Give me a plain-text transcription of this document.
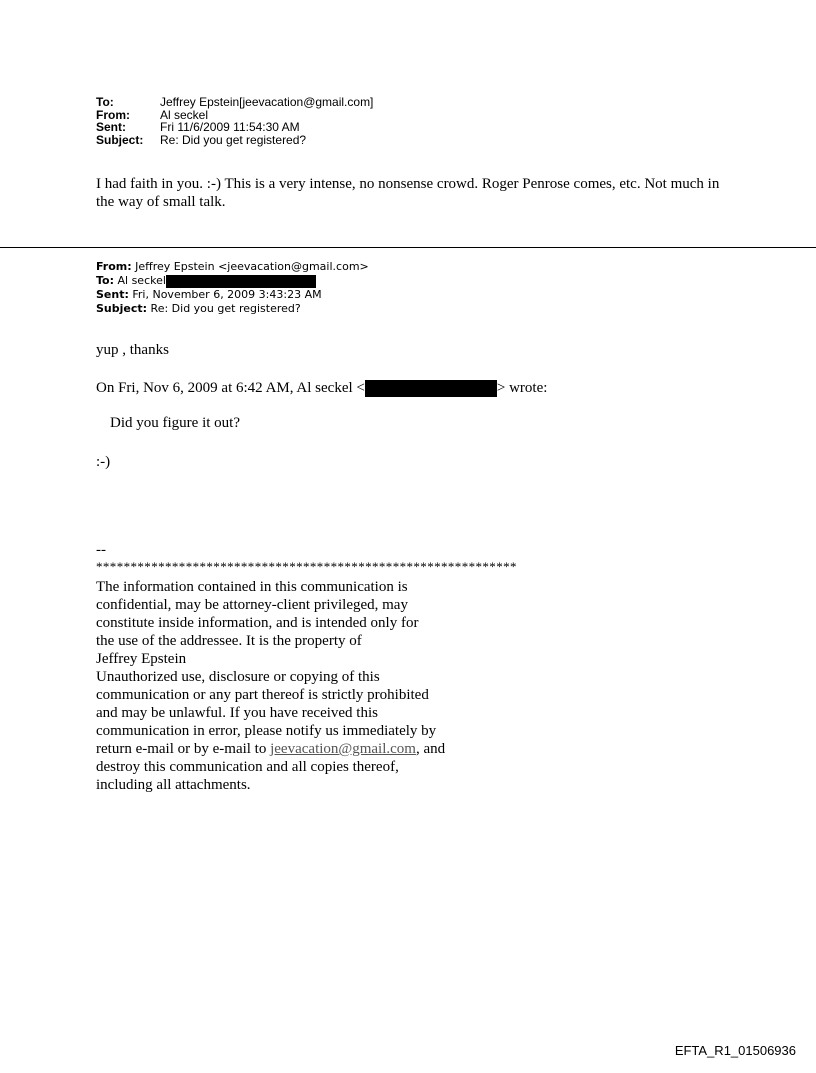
To:	Jeffrey Epstein[jeevacation@gmail.com]
From:	Al seckel
Sent:	Fri 11/6/2009 11:54:30 AM
Subject:	Re: Did you get registered?

I had faith in you. :-) This is a very intense, no nonsense crowd. Roger Penrose comes, etc. Not much in the way of small talk.

From: Jeffrey Epstein <jeevacation@gmail.com>
To: Al seckel
Sent: Fri, November 6, 2009 3:43:23 AM
Subject: Re: Did you get registered?

yup , thanks

On Fri, Nov 6, 2009 at 6:42 AM, Al seckel <	> wrote:

Did you figure it out?

:-)

--

*************************************************************

The information contained in this communication is
confidential, may be attorney-client privileged, may
constitute inside information, and is intended only for
the use of the addressee. It is the property of
Jeffrey Epstein
Unauthorized use, disclosure or copying of this
communication or any part thereof is strictly prohibited
and may be unlawful. If you have received this
communication in error, please notify us immediately by
return e-mail or by e-mail to jeevacation@gmail.com, and
destroy this communication and all copies thereof,
including all attachments.
EFTA_R1_01506936
